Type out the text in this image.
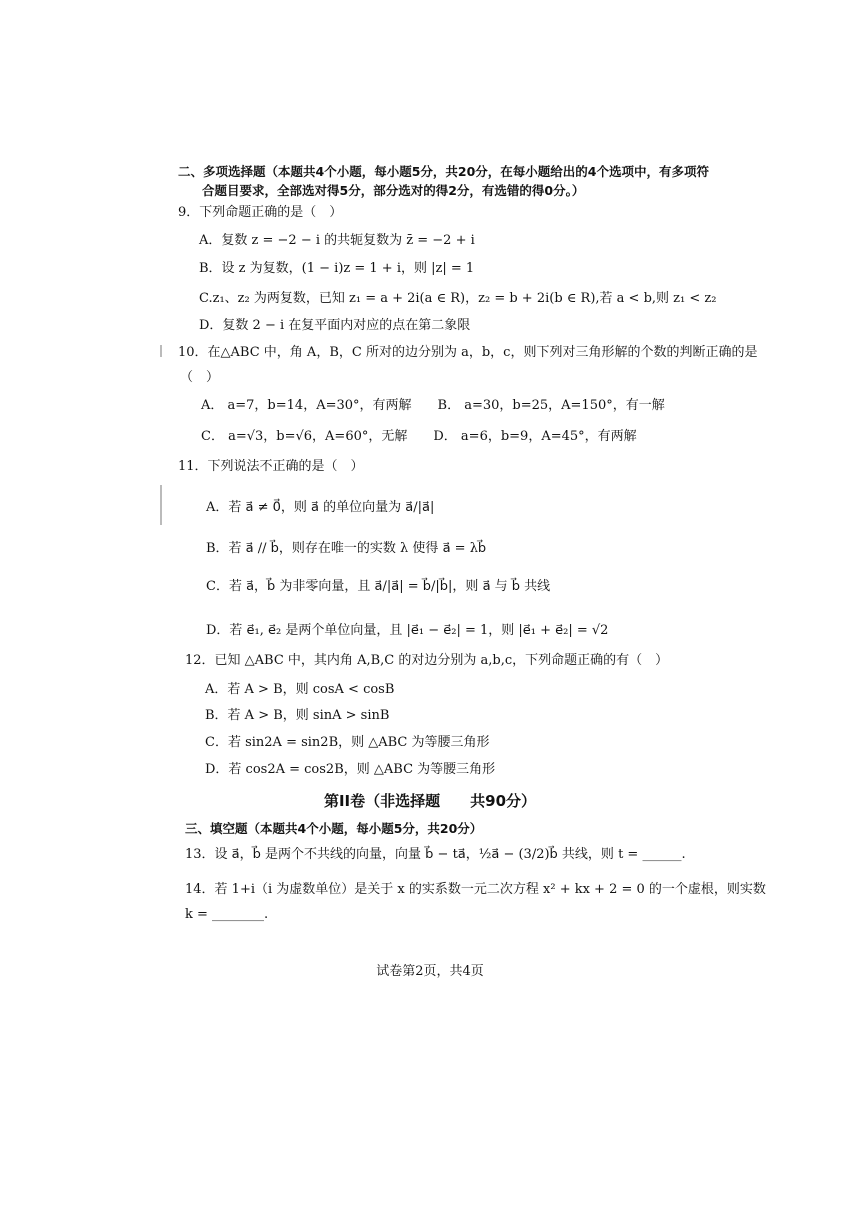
二、多项选择题（本题共4个小题，每小题5分，共20分，在每小题给出的4个选项中，有多项符
合题目要求，全部选对得5分，部分选对的得2分，有选错的得0分。）
9．下列命题正确的是（　）
A．复数 z = −2 − i 的共轭复数为 z̄ = −2 + i
B．设 z 为复数，(1 − i)z = 1 + i，则 |z| = 1
C.z₁、z₂ 为两复数，已知 z₁ = a + 2i(a ∈ R)，z₂ = b + 2i(b ∈ R),若 a < b,则 z₁ < z₂
D．复数 2 − i 在复平面内对应的点在第二象限
10．在△ABC 中，角 A，B，C 所对的边分别为 a，b，c，则下列对三角形解的个数的判断正确的是
（　）
A． a=7，b=14，A=30°，有两解　　B． a=30，b=25，A=150°，有一解
C． a=√3，b=√6，A=60°，无解　　D． a=6，b=9，A=45°，有两解
11．下列说法不正确的是（　）
A．若 a⃗ ≠ 0⃗，则 a⃗ 的单位向量为 a⃗/|a⃗|
B．若 a⃗ // b⃗，则存在唯一的实数 λ 使得 a⃗ = λb⃗
C．若 a⃗，b⃗ 为非零向量，且 a⃗/|a⃗| = b⃗/|b⃗|，则 a⃗ 与 b⃗ 共线
D．若 e⃗₁, e⃗₂ 是两个单位向量，且 |e⃗₁ − e⃗₂| = 1，则 |e⃗₁ + e⃗₂| = √2
12．已知 △ABC 中，其内角 A,B,C 的对边分别为 a,b,c，下列命题正确的有（　）
A．若 A > B，则 cosA < cosB
B．若 A > B，则 sinA > sinB
C．若 sin2A = sin2B，则 △ABC 为等腰三角形
D．若 cos2A = cos2B，则 △ABC 为等腰三角形
第II卷（非选择题　　共90分）
三、填空题（本题共4个小题，每小题5分，共20分）
13．设 a⃗，b⃗ 是两个不共线的向量，向量 b⃗ − ta⃗，½a⃗ − (3/2)b⃗ 共线，则 t = ______.
14．若 1+i（i 为虚数单位）是关于 x 的实系数一元二次方程 x² + kx + 2 = 0 的一个虚根，则实数
k = ________.
试卷第2页，共4页
